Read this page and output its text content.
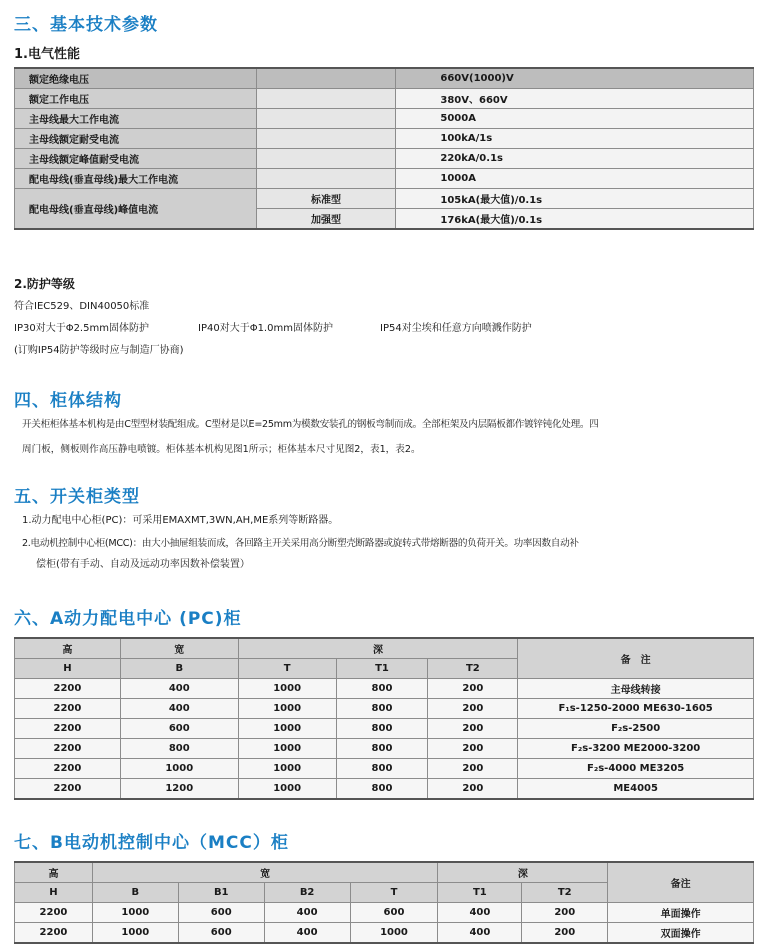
三、基本技术参数
1.电气性能
额定绝缘电压		660V(1000)V
额定工作电压		380V、660V
主母线最大工作电流		5000A
主母线额定耐受电流		100kA/1s
主母线额定峰值耐受电流		220kA/0.1s
配电母线(垂直母线)最大工作电流		1000A
配电母线(垂直母线)峰值电流	标准型	105kA(最大值)/0.1s
	加强型	176kA(最大值)/0.1s
2.防护等级
符合IEC529、DIN40050标准
IP30对大于Φ2.5mm固体防护	IP40对大于Φ1.0mm固体防护	IP54对尘埃和任意方向喷溅作防护
(订购IP54防护等级时应与制造厂协商)
四、柜体结构
开关柜柜体基本机构是由C型型材装配组成。C型材是以E=25mm为模数安装孔的钢板弯制而成。全部柜架及内层隔板都作镀锌钝化处理。四
周门板，侧板则作高压静电喷镀。柜体基本机构见图1所示；柜体基本尺寸见图2，表1，表2。
五、开关柜类型
1.动力配电中心柜(PC)：可采用EMAXMT,3WN,AH,ME系列等断路器。
2.电动机控制中心柜(MCC)：由大小抽屉组装而成，各回路主开关采用高分断塑壳断路器或旋转式带熔断器的负荷开关。功率因数自动补
偿柜(带有手动、自动及远动功率因数补偿装置）
六、A动力配电中心 (PC)柜
高	宽	深			备　注
H	B	T	T1	T2	
2200	400	1000	800	200	主母线转接
2200	400	1000	800	200	F₁s-1250-2000 ME630-1605
2200	600	1000	800	200	F₂s-2500
2200	800	1000	800	200	F₂s-3200 ME2000-3200
2200	1000	1000	800	200	F₂s-4000 ME3205
2200	1200	1000	800	200	ME4005
七、B电动机控制中心（MCC）柜
高	宽				深		备注
H	B	B1	B2	T	T1	T2	
2200	1000	600	400	600	400	200	单面操作
2200	1000	600	400	1000	400	200	双面操作
